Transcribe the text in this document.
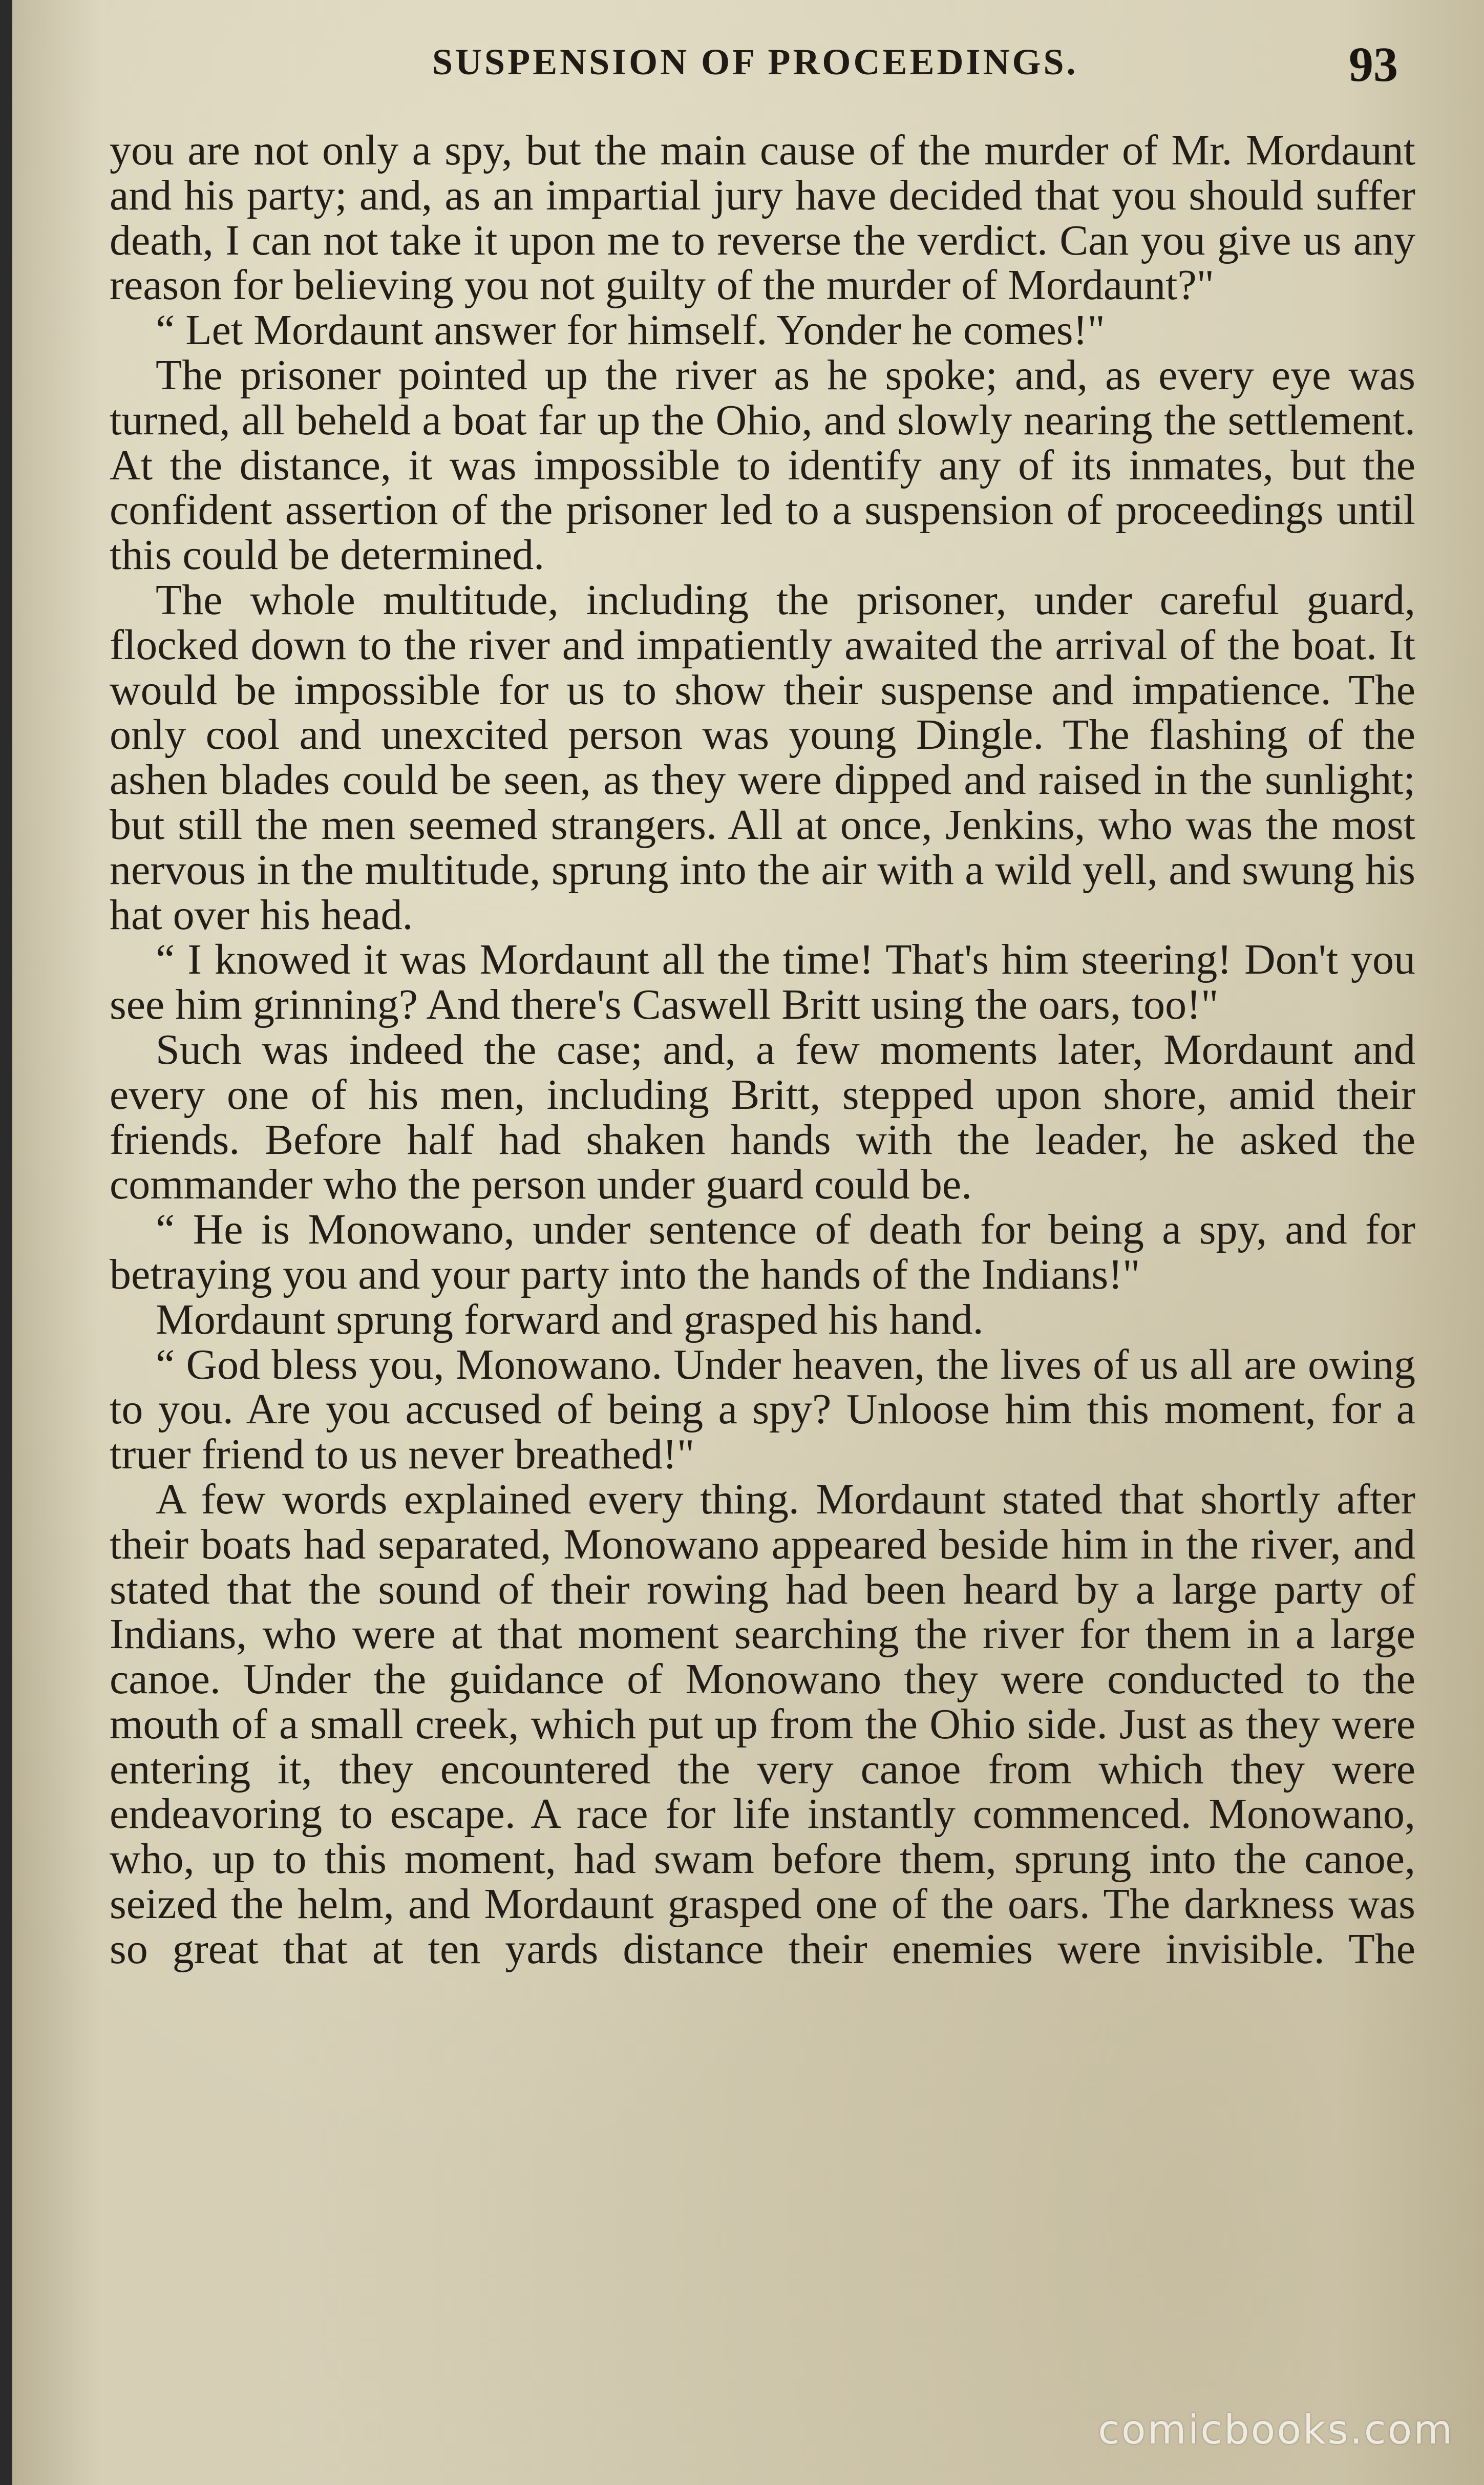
SUSPENSION OF PROCEEDINGS.	93

you are not only a spy, but the main cause of the murder of Mr. Mordaunt and his party; and, as an impartial jury have decided that you should suffer death, I can not take it upon me to reverse the verdict. Can you give us any reason for believing you not guilty of the murder of Mordaunt?"

“ Let Mordaunt answer for himself. Yonder he comes!"

The prisoner pointed up the river as he spoke; and, as every eye was turned, all beheld a boat far up the Ohio, and slowly nearing the settlement. At the distance, it was impossible to identify any of its inmates, but the confident assertion of the prisoner led to a suspension of proceedings until this could be determined.

The whole multitude, including the prisoner, under careful guard, flocked down to the river and impatiently awaited the arrival of the boat. It would be impossible for us to show their suspense and impatience. The only cool and unexcited person was young Dingle. The flashing of the ashen blades could be seen, as they were dipped and raised in the sunlight; but still the men seemed strangers. All at once, Jenkins, who was the most nervous in the multitude, sprung into the air with a wild yell, and swung his hat over his head.

“ I knowed it was Mordaunt all the time! That's him steering! Don't you see him grinning? And there's Caswell Britt using the oars, too!"

Such was indeed the case; and, a few moments later, Mordaunt and every one of his men, including Britt, stepped upon shore, amid their friends. Before half had shaken hands with the leader, he asked the commander who the person under guard could be.

“ He is Monowano, under sentence of death for being a spy, and for betraying you and your party into the hands of the Indians!"

Mordaunt sprung forward and grasped his hand.

“ God bless you, Monowano. Under heaven, the lives of us all are owing to you. Are you accused of being a spy? Unloose him this moment, for a truer friend to us never breathed!"

A few words explained every thing. Mordaunt stated that shortly after their boats had separated, Monowano appeared beside him in the river, and stated that the sound of their rowing had been heard by a large party of Indians, who were at that moment searching the river for them in a large canoe. Under the guidance of Monowano they were conducted to the mouth of a small creek, which put up from the Ohio side. Just as they were entering it, they encountered the very canoe from which they were endeavoring to escape. A race for life instantly commenced. Monowano, who, up to this moment, had swam before them, sprung into the canoe, seized the helm, and Mordaunt grasped one of the oars. The darkness was so great that at ten yards distance their enemies were invisible. The

comicbooks.com
